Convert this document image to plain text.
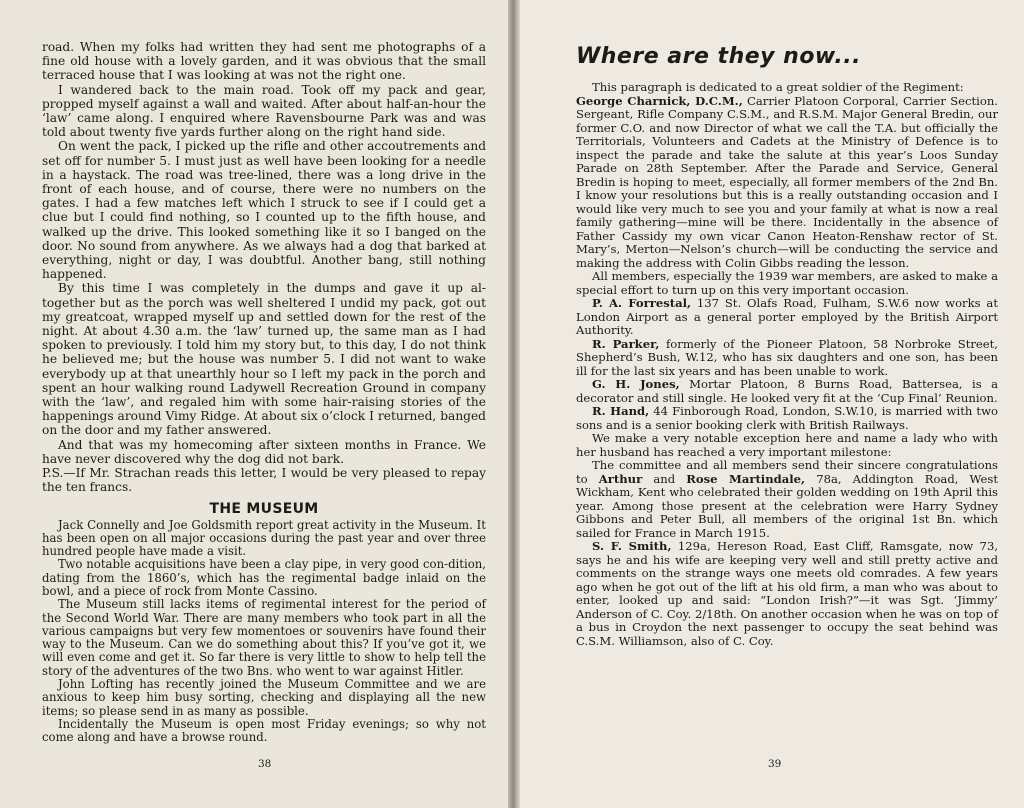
road. When my folks had written they had sent me photographs of a fine old house with a lovely garden, and it was obvious that the small terraced house that I was looking at was not the right one.

I wandered back to the main road. Took off my pack and gear, propped myself against a wall and waited. After about half-an-hour the ‘law’ came along. I enquired where Ravensbourne Park was and was told about twenty five yards further along on the right hand side.

On went the pack, I picked up the rifle and other accoutrements and set off for number 5. I must just as well have been looking for a needle in a haystack. The road was tree-lined, there was a long drive in the front of each house, and of course, there were no numbers on the gates. I had a few matches left which I struck to see if I could get a clue but I could find nothing, so I counted up to the fifth house, and walked up the drive. This looked something like it so I banged on the door. No sound from anywhere. As we always had a dog that barked at everything, night or day, I was doubtful. Another bang, still nothing happened.

By this time I was completely in the dumps and gave it up al-together but as the porch was well sheltered I undid my pack, got out my greatcoat, wrapped myself up and settled down for the rest of the night. At about 4.30 a.m. the ‘law’ turned up, the same man as I had spoken to previously. I told him my story but, to this day, I do not think he believed me; but the house was number 5. I did not want to wake everybody up at that unearthly hour so I left my pack in the porch and spent an hour walking round Ladywell Recreation Ground in company with the ‘law’, and regaled him with some hair-raising stories of the happenings around Vimy Ridge. At about six o’clock I returned, banged on the door and my father answered.

And that was my homecoming after sixteen months in France. We have never discovered why the dog did not bark.

P.S.—If Mr. Strachan reads this letter, I would be very pleased to repay the ten francs.

THE MUSEUM

Jack Connelly and Joe Goldsmith report great activity in the Museum. It has been open on all major occasions during the past year and over three hundred people have made a visit.

Two notable acquisitions have been a clay pipe, in very good con-dition, dating from the 1860’s, which has the regimental badge inlaid on the bowl, and a piece of rock from Monte Cassino.

The Museum still lacks items of regimental interest for the period of the Second World War. There are many members who took part in all the various campaigns but very few momentoes or souvenirs have found their way to the Museum. Can we do something about this? If you’ve got it, we will even come and get it. So far there is very little to show to help tell the story of the adventures of the two Bns. who went to war against Hitler.

John Lofting has recently joined the Museum Committee and we are anxious to keep him busy sorting, checking and displaying all the new items; so please send in as many as possible.

Incidentally the Museum is open most Friday evenings; so why not come along and have a browse round.

38
Where are they now...

This paragraph is dedicated to a great soldier of the Regiment:

George Charnick, D.C.M., Carrier Platoon Corporal, Carrier Section. Sergeant, Rifle Company C.S.M., and R.S.M. Major General Bredin, our former C.O. and now Director of what we call the T.A. but officially the Territorials, Volunteers and Cadets at the Ministry of Defence is to inspect the parade and take the salute at this year’s Loos Sunday Parade on 28th September. After the Parade and Service, General Bredin is hoping to meet, especially, all former members of the 2nd Bn. I know your resolutions but this is a really outstanding occasion and I would like very much to see you and your family at what is now a real family gathering—mine will be there. Incidentally in the absence of Father Cassidy my own vicar Canon Heaton-Renshaw rector of St. Mary’s, Merton—Nelson’s church—will be conducting the service and making the address with Colin Gibbs reading the lesson.

All members, especially the 1939 war members, are asked to make a special effort to turn up on this very important occasion.

P. A. Forrestal, 137 St. Olafs Road, Fulham, S.W.6 now works at London Airport as a general porter employed by the British Airport Authority.

R. Parker, formerly of the Pioneer Platoon, 58 Norbroke Street, Shepherd’s Bush, W.12, who has six daughters and one son, has been ill for the last six years and has been unable to work.

G. H. Jones, Mortar Platoon, 8 Burns Road, Battersea, is a decorator and still single. He looked very fit at the ‘Cup Final’ Reunion.

R. Hand, 44 Finborough Road, London, S.W.10, is married with two sons and is a senior booking clerk with British Railways.

We make a very notable exception here and name a lady who with her husband has reached a very important milestone:

The committee and all members send their sincere congratulations to Arthur and Rose Martindale, 78a, Addington Road, West Wickham, Kent who celebrated their golden wedding on 19th April this year. Among those present at the celebration were Harry Sydney Gibbons and Peter Bull, all members of the original 1st Bn. which sailed for France in March 1915.

S. F. Smith, 129a, Hereson Road, East Cliff, Ramsgate, now 73, says he and his wife are keeping very well and still pretty active and comments on the strange ways one meets old comrades. A few years ago when he got out of the lift at his old firm, a man who was about to enter, looked up and said: “London Irish?”—it was Sgt. ‘Jimmy’ Anderson of C. Coy. 2/18th. On another occasion when he was on top of a bus in Croydon the next passenger to occupy the seat behind was C.S.M. Williamson, also of C. Coy.

39
